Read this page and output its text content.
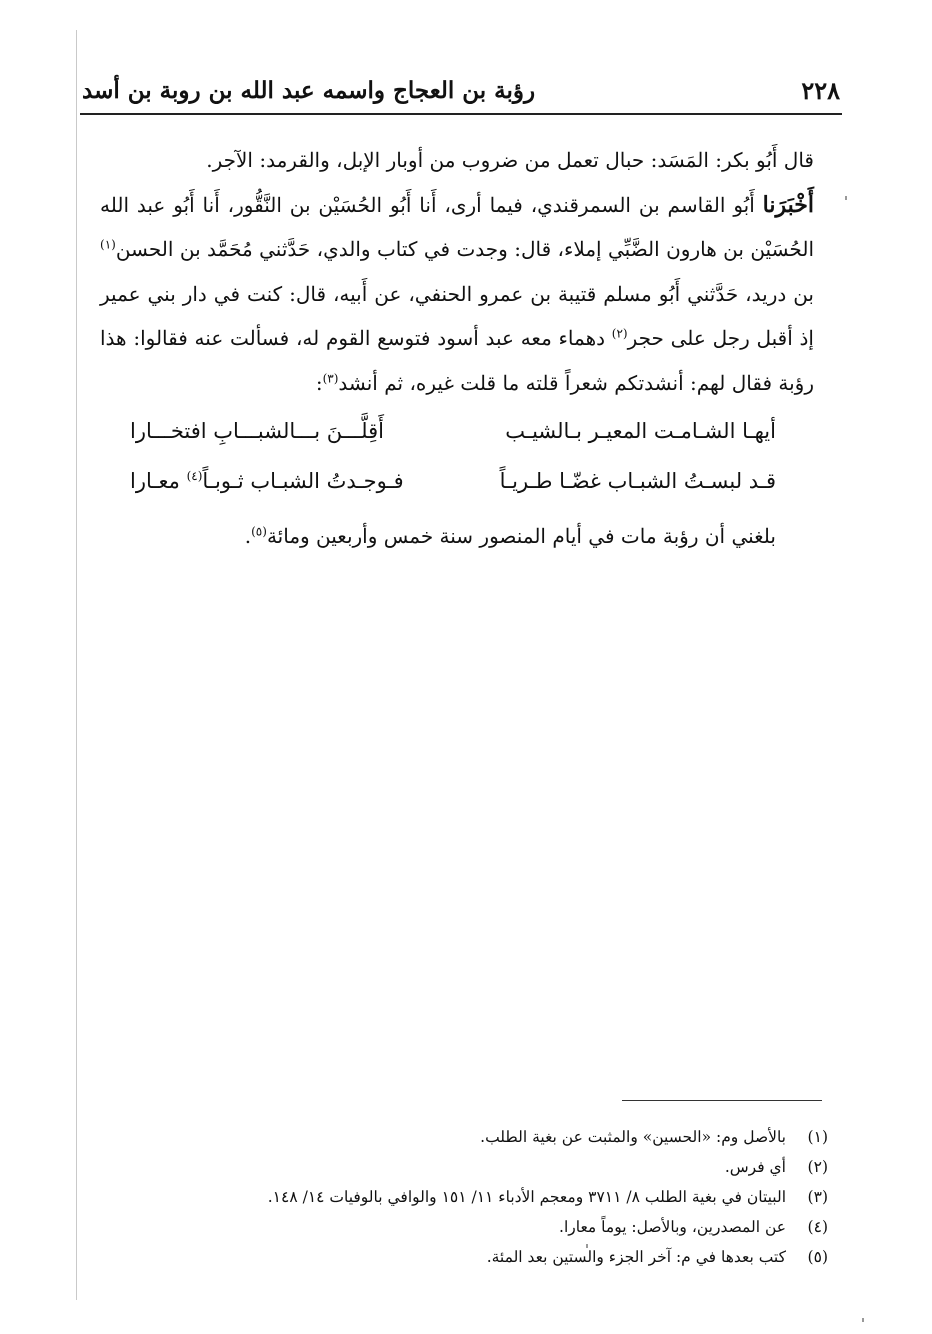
٢٢٨
رؤبة بن العجاج واسمه عبد الله بن روبة بن أسد

قال أَبُو بكر: المَسَد: حبال تعمل من ضروب من أوبار الإبل، والقرمد: الآجر.

أَخْبَرَنا أَبُو القاسم بن السمرقندي، فيما أرى، أَنا أَبُو الحُسَيْن بن النَّقُّور، أَنا أَبُو عبد الله الحُسَيْن بن هارون الضَّبِّي إملاء، قال: وجدت في كتاب والدي، حَدَّثني مُحَمَّد بن الحسن$^{(١)}$ بن دريد، حَدَّثني أَبُو مسلم قتيبة بن عمرو الحنفي، عن أَبيه، قال: كنت في دار بني عمير إذ أقبل رجل على حجر$^{(٢)}$ دهماء معه عبد أسود فتوسع القوم له، فسألت عنه فقالوا: هذا رؤبة فقال لهم: أنشدتكم شعراً قلته ما قلت غيره، ثم أنشد$^{(٣)}$:

أيهـا الشـامـت المعيـر بـالشيـب
أَقِلَّـــنَ بـــالشبـــابِ افتخـــارا
قـد لبسـتُ الشبـاب غضّـا طـريـاً
فـوجـدتُ الشبـاب ثـوبـاً$^{(٤)}$ معـارا
بلغني أن رؤبة مات في أيام المنصور سنة خمس وأربعين ومائة$^{(٥)}$.
(١)
بالأصل وم: «الحسين» والمثبت عن بغية الطلب.
(٢)
أي فرس.
(٣)
البيتان في بغية الطلب ٨/ ٣٧١١ ومعجم الأدباء ١١/ ١٥١ والوافي بالوفيات ١٤/ ١٤٨.
(٤)
عن المصدرين، وبالأصل: يوماً معارا.
(٥)
كتب بعدها في م: آخر الجزء والستين بعد المئة.
